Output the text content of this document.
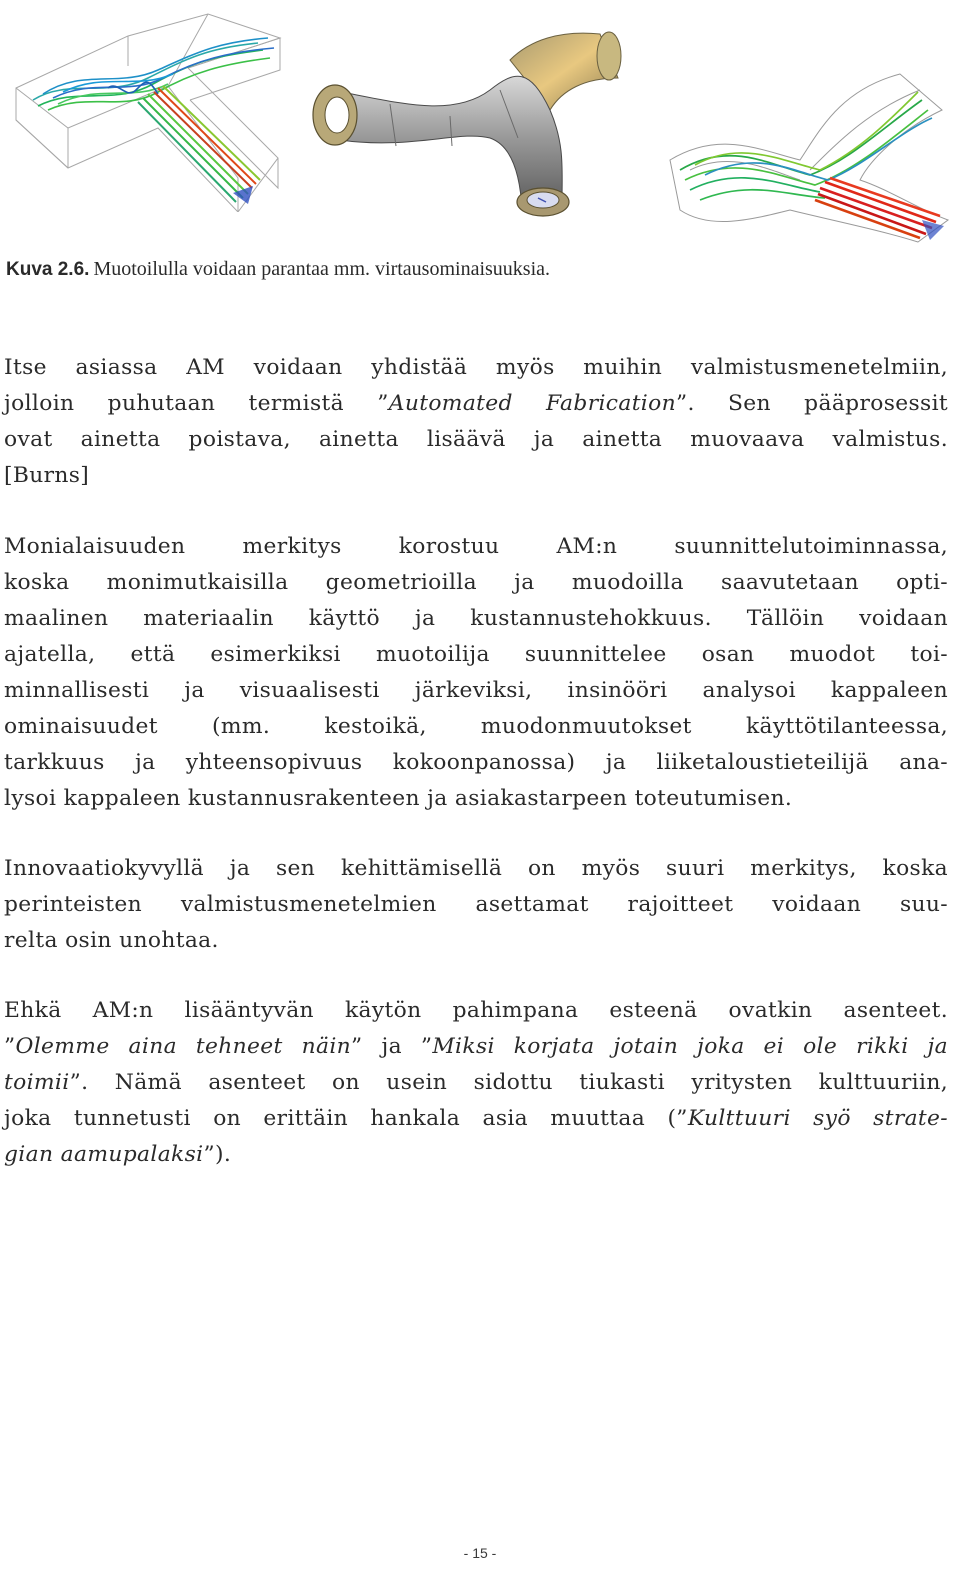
Kuva 2.6. Muotoilulla voidaan parantaa mm. virtausominaisuuksia.

Itse asiassa AM voidaan yhdistää myös muihin valmistusmenetelmiin,
jolloin puhutaan termistä ”Automated Fabrication”. Sen pääprosessit
ovat ainetta poistava, ainetta lisäävä ja ainetta muovaava valmistus.
[Burns]

Monialaisuuden merkitys korostuu AM:n suunnittelutoiminnassa,
koska monimutkaisilla geometrioilla ja muodoilla saavutetaan opti-
maalinen materiaalin käyttö ja kustannustehokkuus. Tällöin voidaan
ajatella, että esimerkiksi muotoilija suunnittelee osan muodot toi-
minnallisesti ja visuaalisesti järkeviksi, insinööri analysoi kappaleen
ominaisuudet (mm. kestoikä, muodonmuutokset käyttötilanteessa,
tarkkuus ja yhteensopivuus kokoonpanossa) ja liiketaloustieteilijä ana-
lysoi kappaleen kustannusrakenteen ja asiakastarpeen toteutumisen.

Innovaatiokyvyllä ja sen kehittämisellä on myös suuri merkitys, koska
perinteisten valmistusmenetelmien asettamat rajoitteet voidaan suu-
relta osin unohtaa.

Ehkä AM:n lisääntyvän käytön pahimpana esteenä ovatkin asenteet.
”Olemme aina tehneet näin” ja ”Miksi korjata jotain joka ei ole rikki ja
toimii”. Nämä asenteet on usein sidottu tiukasti yritysten kulttuuriin,
joka tunnetusti on erittäin hankala asia muuttaa (”Kulttuuri syö strate-
gian aamupalaksi”).

- 15 -
